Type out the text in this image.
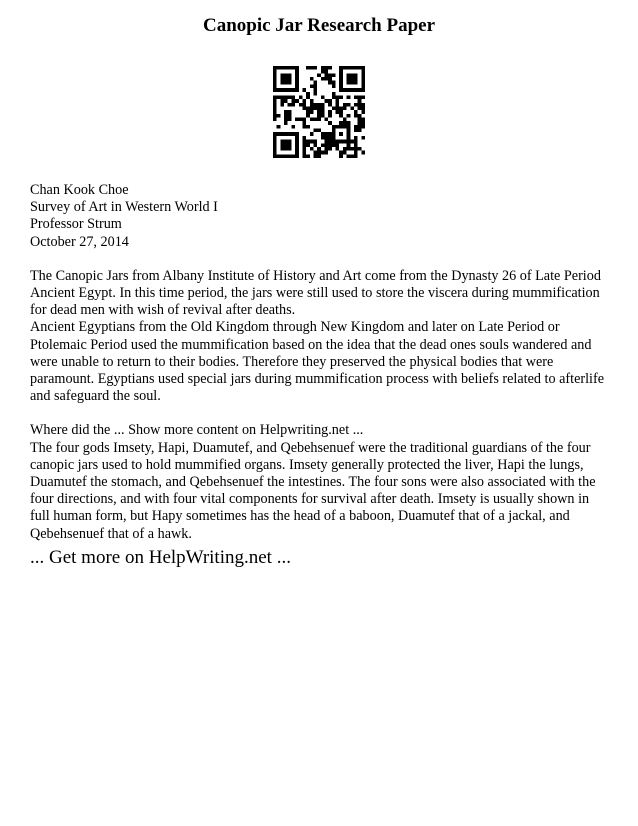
Canopic Jar Research Paper

Chan Kook Choe

Survey of Art in Western World I

Professor Strum

October 27, 2014

The Canopic Jars from Albany Institute of History and Art come from the Dynasty 26 of Late Period Ancient Egypt. In this time period, the jars were still used to store the viscera during mummification for dead men with wish of revival after deaths.

Ancient Egyptians from the Old Kingdom through New Kingdom and later on Late Period or Ptolemaic Period used the mummification based on the idea that the dead ones souls wandered and were unable to return to their bodies. Therefore they preserved the physical bodies that were paramount. Egyptians used special jars during mummification process with beliefs related to afterlife and safeguard the soul.

Where did the ... Show more content on Helpwriting.net ...

The four gods Imsety, Hapi, Duamutef, and Qebehsenuef were the traditional guardians of the four canopic jars used to hold mummified organs. Imsety generally protected the liver, Hapi the lungs, Duamutef the stomach, and Qebehsenuef the intestines. The four sons were also associated with the four directions, and with four vital components for survival after death. Imsety is usually shown in full human form, but Hapy sometimes has the head of a baboon, Duamutef that of a jackal, and Qebehsenuef that of a hawk.

... Get more on HelpWriting.net ...
